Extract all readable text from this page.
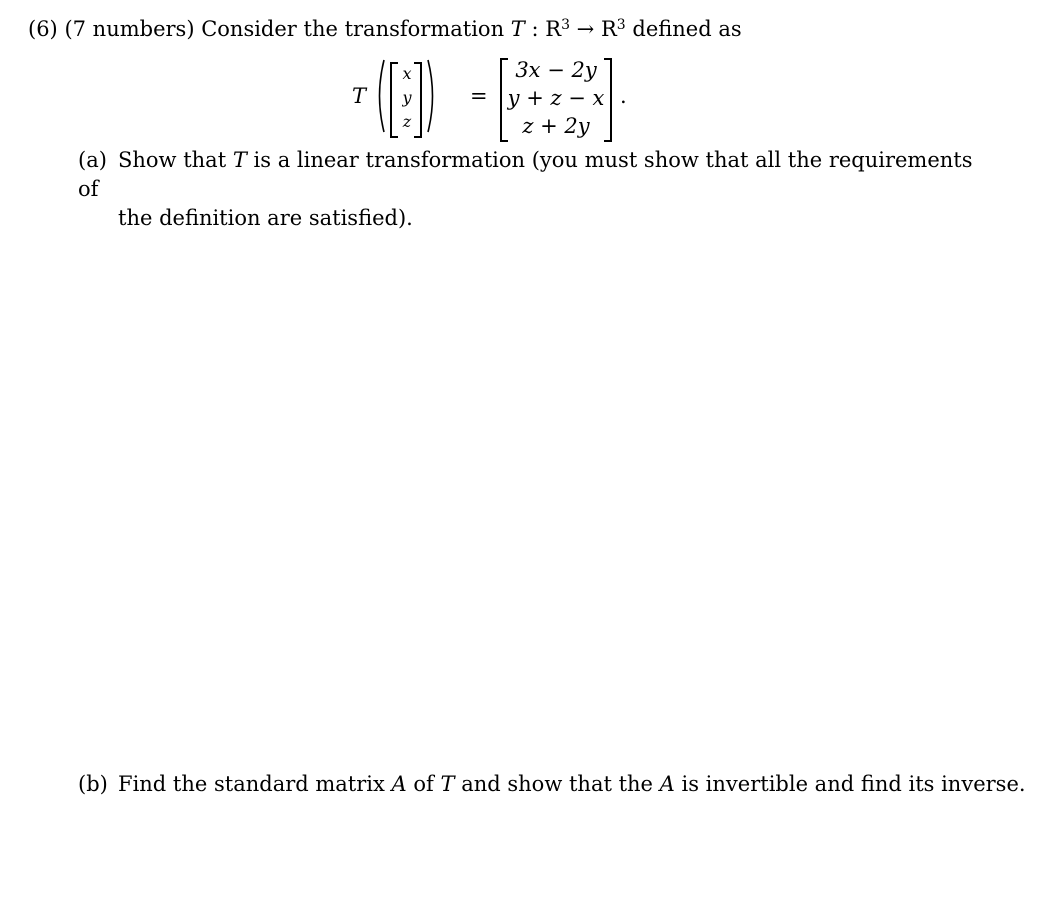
(6) (7 numbers) Consider the transformation T : $R^3 \to R^3$ defined as
T
x
y
z
=
3x − 2y
y + z − x
z + 2y
.
(a) Show that T is a linear transformation (you must show that all the requirements of
the definition are satisfied).
(b) Find the standard matrix A of T and show that the A is invertible and find its inverse.
